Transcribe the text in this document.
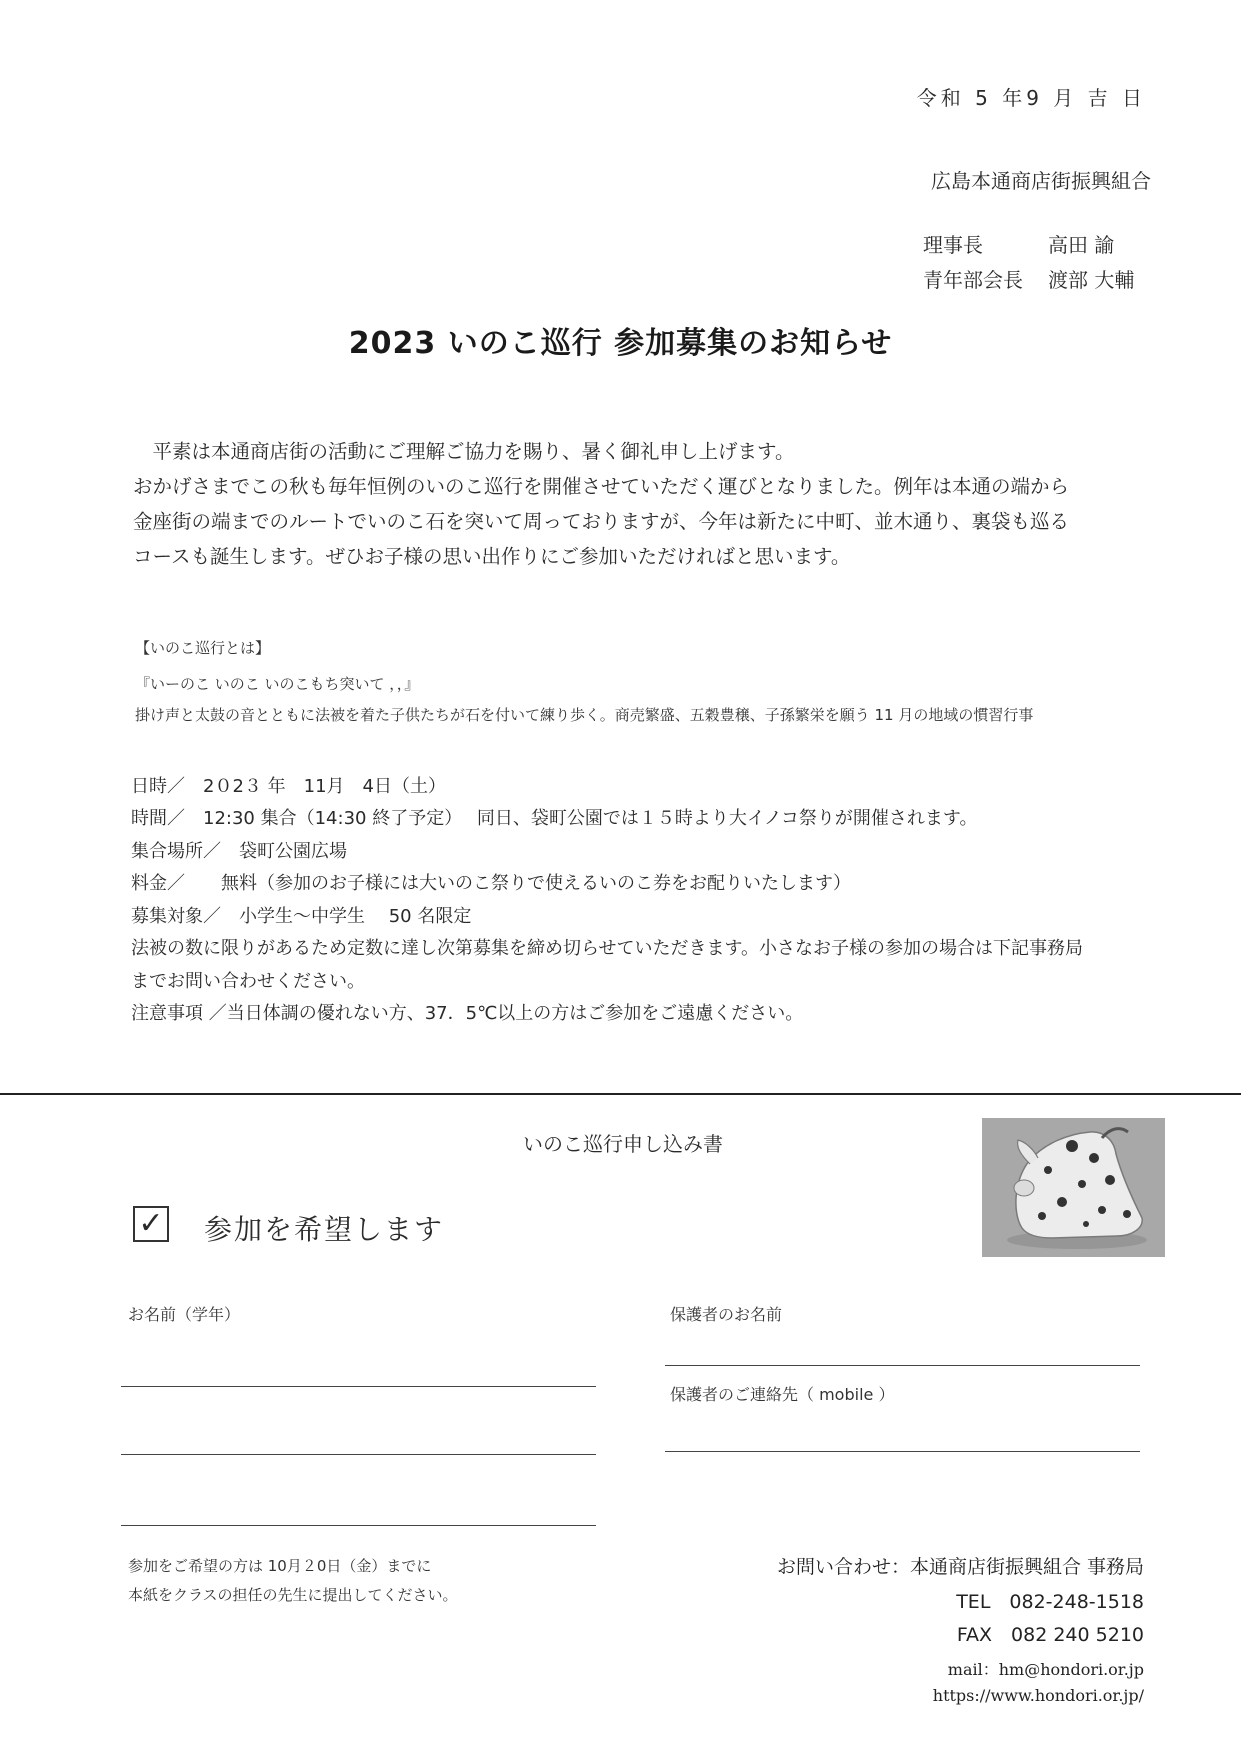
令和 5 年9 月 吉 日
広島本通商店街振興組合
理事長	高田 諭
青年部会長 渡部 大輔
2023 いのこ巡行 参加募集のお知らせ
　平素は本通商店街の活動にご理解ご協力を賜り、暑く御礼申し上げます。
おかげさまでこの秋も毎年恒例のいのこ巡行を開催させていただく運びとなりました。例年は本通の端から
金座街の端までのルートでいのこ石を突いて周っておりますが、今年は新たに中町、並木通り、裏袋も巡る
コースも誕生します。ぜひお子様の思い出作りにご参加いただければと思います。
【いのこ巡行とは】
『いーのこ いのこ いのこもち突いて ，，』
掛け声と太鼓の音とともに法被を着た子供たちが石を付いて練り歩く。商売繁盛、五穀豊穣、子孫繁栄を願う 11 月の地域の慣習行事
日時／　2０2３ 年　11月　4日（土）
時間／　12:30 集合（14:30 終了予定）　 同日、袋町公園では１５時より大イノコ祭りが開催されます。
集合場所／　袋町公園広場
料金／　　無料（参加のお子様には大いのこ祭りで使えるいのこ券をお配りいたします）
募集対象／　小学生〜中学生　 50 名限定
法被の数に限りがあるため定数に達し次第募集を締め切らせていただきます。小さなお子様の参加の場合は下記事務局
までお問い合わせください。
注意事項 ／当日体調の優れない方、37．5℃以上の方はご参加をご遠慮ください。
いのこ巡行申し込み書
✓ 参加を希望します
お名前（学年）	保護者のお名前
保護者のご連絡先（ mobile ）
参加をご希望の方は 10月２0日（金）までに
本紙をクラスの担任の先生に提出してください。
お問い合わせ：本通商店街振興組合 事務局
TEL　082-248-1518
FAX　082 240 5210
mail：hm@hondori.or.jp
https://www.hondori.or.jp/
